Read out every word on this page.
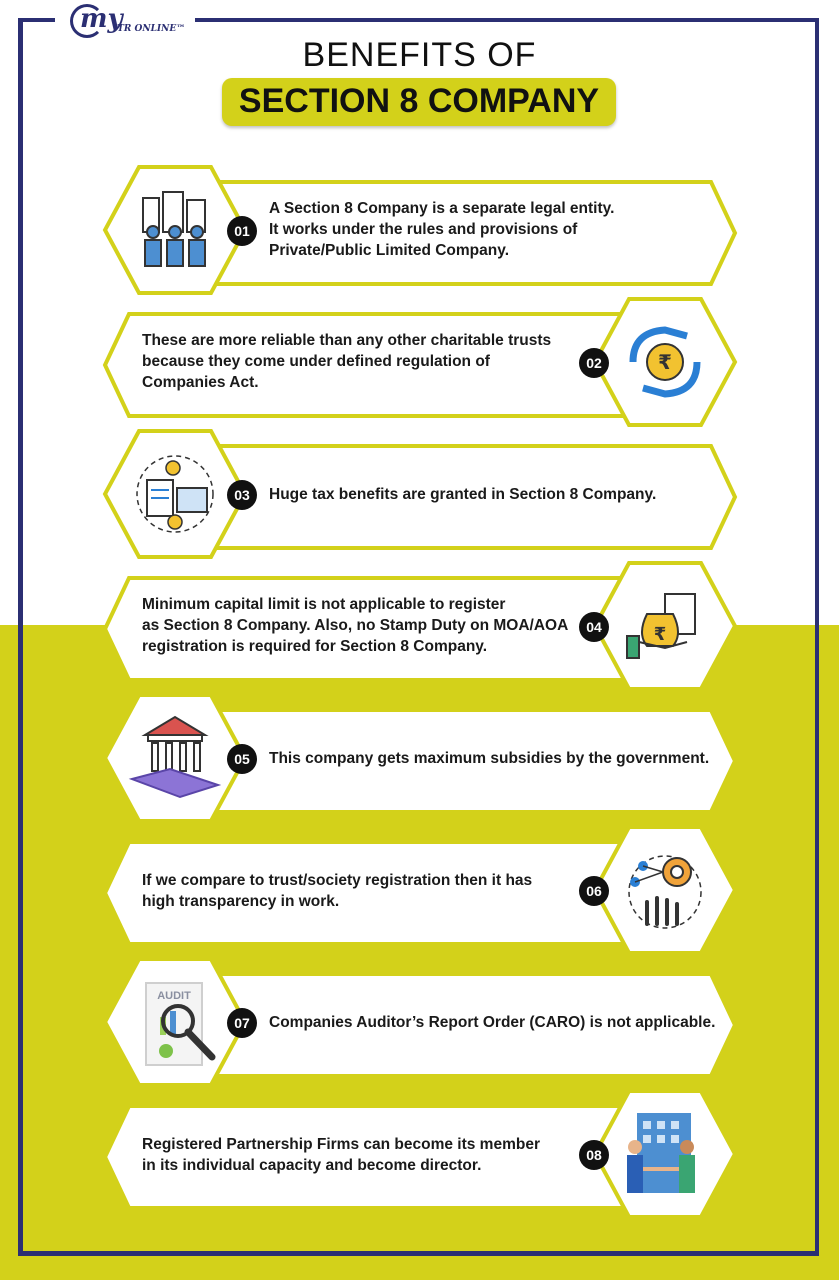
my
ITR ONLINE™
BENEFITS OF
SECTION 8 COMPANY
01
A Section 8 Company is a separate legal entity.
It works under the rules and provisions of
Private/Public Limited Company.
₹
02
These are more reliable than any other charitable trusts
because they come under defined regulation of
Companies Act.
03	Huge tax benefits are granted in Section 8 Company.
₹
04
Minimum capital limit is not applicable to register
as Section 8 Company. Also, no Stamp Duty on MOA/AOA
registration is required for Section 8 Company.
05	This company gets maximum subsidies by the government.
06
If we compare to trust/society registration then it has
high transparency in work.
AUDIT
07	Companies Auditor’s Report Order (CARO) is not applicable.
08
Registered Partnership Firms can become its member
in its individual capacity and become director.
